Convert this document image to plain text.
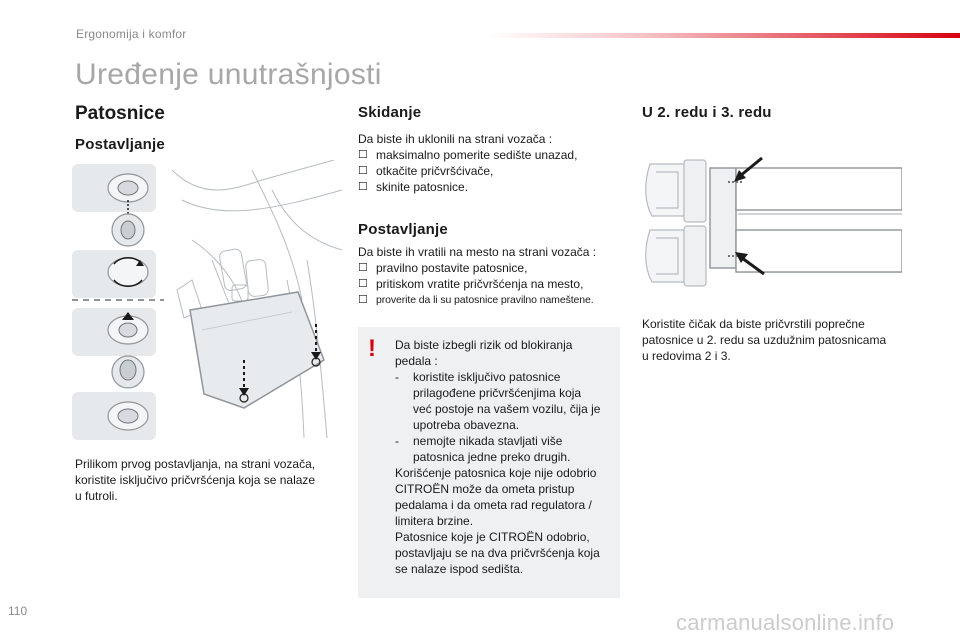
Ergonomija i komfor
Uređenje unutrašnjosti
Patosnice
Postavljanje
Prilikom prvog postavljanja, na strani vozača,
koristite isključivo pričvršćenja koja se nalaze
u futroli.
Skidanje
Da biste ih uklonili na strani vozača :
☐ maksimalno pomerite sedište unazad,
☐ otkačite pričvršćivače,
☐ skinite patosnice.
Postavljanje
Da biste ih vratili na mesto na strani vozača :
☐ pravilno postavite patosnice,
☐ pritiskom vratite pričvršćenja na mesto,
☐ proverite da li su patosnice pravilno nameštene.
! Da biste izbegli rizik od blokiranja
pedala :
- koristite isključivo patosnice
prilagođene pričvršćenjima koja
već postoje na vašem vozilu, čija je
upotreba obavezna.
- nemojte nikada stavljati više
patosnica jedne preko drugih.
Korišćenje patosnica koje nije odobrio
CITROËN može da ometa pristup
pedalama i da ometa rad regulatora /
limitera brzine.
Patosnice koje je CITROËN odobrio,
postavljaju se na dva pričvršćenja koja
se nalaze ispod sedišta.
U 2. redu i 3. redu
Koristite čičak da biste pričvrstili poprečne
patosnice u 2. redu sa uzdužnim patosnicama
u redovima 2 i 3.
110	carmanualsonline.info
